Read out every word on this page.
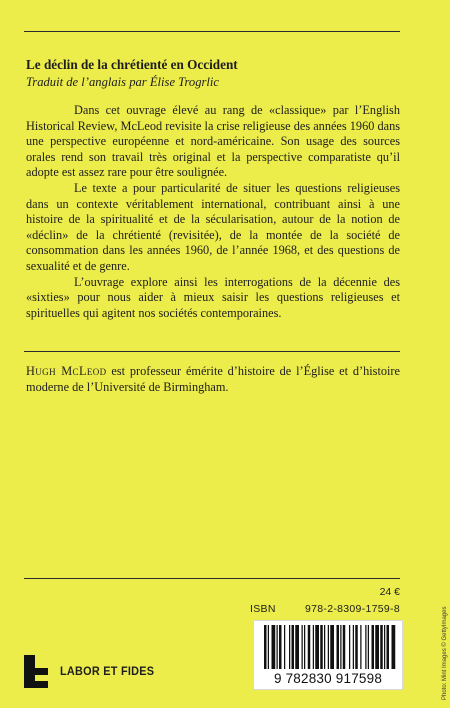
Le déclin de la chrétienté en Occident
Traduit de l’anglais par Élise Trogrlic

Dans cet ouvrage élevé au rang de «classique» par l’English Historical Review, McLeod revisite la crise religieuse des années 1960 dans une perspective européenne et nord-américaine. Son usage des sources orales rend son travail très original et la perspective comparatiste qu’il adopte est assez rare pour être soulignée.

Le texte a pour particularité de situer les questions religieuses dans un contexte véritablement international, contribuant ainsi à une histoire de la spiritualité et de la sécularisation, autour de la notion de «déclin» de la chrétienté (revisitée), de la montée de la société de consommation dans les années 1960, de l’année 1968, et des questions de sexualité et de genre.

L’ouvrage explore ainsi les interrogations de la décennie des «sixties» pour nous aider à mieux saisir les questions religieuses et spirituelles qui agitent nos sociétés contemporaines.

Hugh McLeod est professeur émérite d’histoire de l’Église et d’histoire moderne de l’Université de Birmingham.
24 €
ISBN	978-2-8309-1759-8
9 782830 917598
LABOR ET FIDES	Photo: Mint Images © GettyImages
